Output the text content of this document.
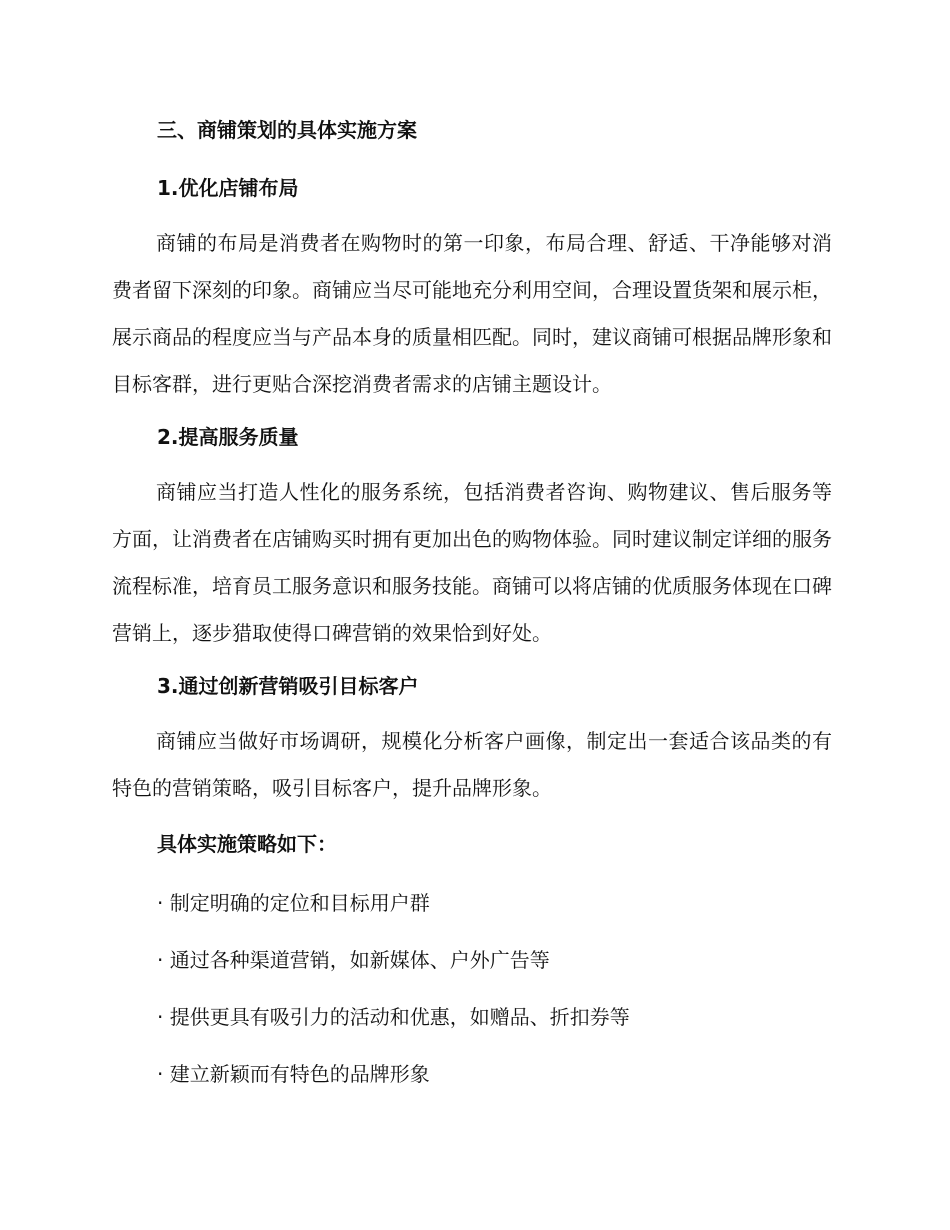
三、商铺策划的具体实施方案
1.优化店铺布局
商铺的布局是消费者在购物时的第一印象，布局合理、舒适、干净能够对消费者留下深刻的印象。商铺应当尽可能地充分利用空间，合理设置货架和展示柜，展示商品的程度应当与产品本身的质量相匹配。同时，建议商铺可根据品牌形象和目标客群，进行更贴合深挖消费者需求的店铺主题设计。
2.提高服务质量
商铺应当打造人性化的服务系统，包括消费者咨询、购物建议、售后服务等方面，让消费者在店铺购买时拥有更加出色的购物体验。同时建议制定详细的服务流程标准，培育员工服务意识和服务技能。商铺可以将店铺的优质服务体现在口碑营销上，逐步猎取使得口碑营销的效果恰到好处。
3.通过创新营销吸引目标客户
商铺应当做好市场调研，规模化分析客户画像，制定出一套适合该品类的有特色的营销策略，吸引目标客户，提升品牌形象。
具体实施策略如下：
· 制定明确的定位和目标用户群
· 通过各种渠道营销，如新媒体、户外广告等
· 提供更具有吸引力的活动和优惠，如赠品、折扣券等
· 建立新颖而有特色的品牌形象
